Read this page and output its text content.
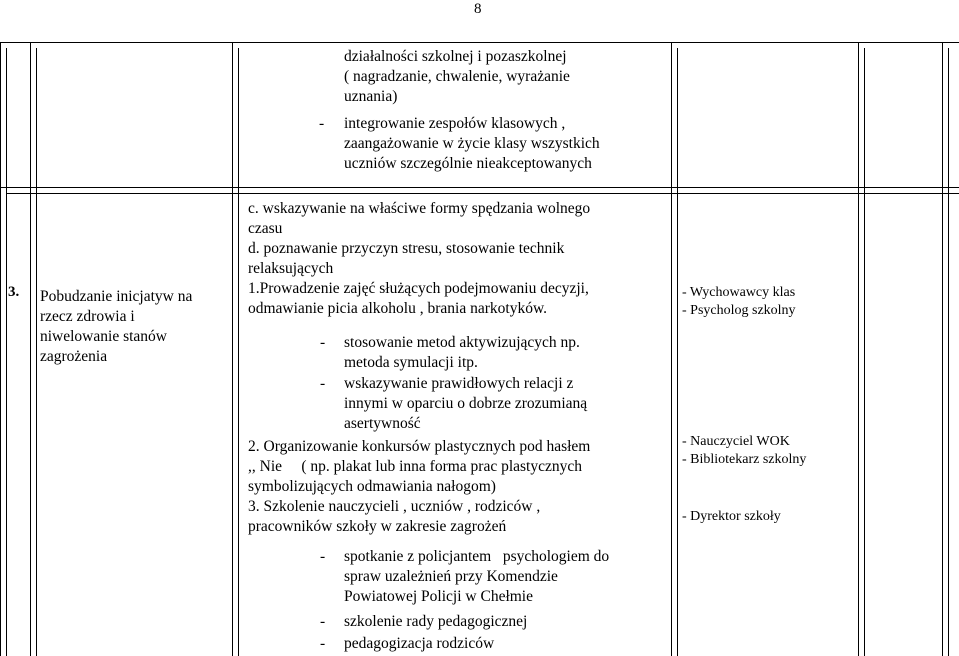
8
działalności szkolnej i pozaszkolnej
( nagradzanie, chwalenie, wyrażanie
uznania)
- integrowanie zespołów klasowych ,
zaangażowanie w życie klasy wszystkich
uczniów szczególnie nieakceptowanych
3. Pobudzanie inicjatyw na
rzecz zdrowia i
niwelowanie stanów
zagrożenia
c. wskazywanie na właściwe formy spędzania wolnego
czasu
d. poznawanie przyczyn stresu, stosowanie technik
relaksujących
1.Prowadzenie zajęć służących podejmowaniu decyzji,
odmawianie picia alkoholu , brania narkotyków.
- stosowanie metod aktywizujących np.
metoda symulacji itp.
- wskazywanie prawidłowych relacji z
innymi w oparciu o dobrze zrozumianą
asertywność
2. Organizowanie konkursów plastycznych pod hasłem
,, Nie     ( np. plakat lub inna forma prac plastycznych
symbolizujących odmawiania nałogom)
3. Szkolenie nauczycieli , uczniów , rodziców ,
pracowników szkoły w zakresie zagrożeń
- spotkanie z policjantem   psychologiem do
spraw uzależnień przy Komendzie
Powiatowej Policji w Chełmie
- szkolenie rady pedagogicznej
- pedagogizacja rodziców
- Wychowawcy klas
- Psycholog szkolny
- Nauczyciel WOK
- Bibliotekarz szkolny
- Dyrektor szkoły
